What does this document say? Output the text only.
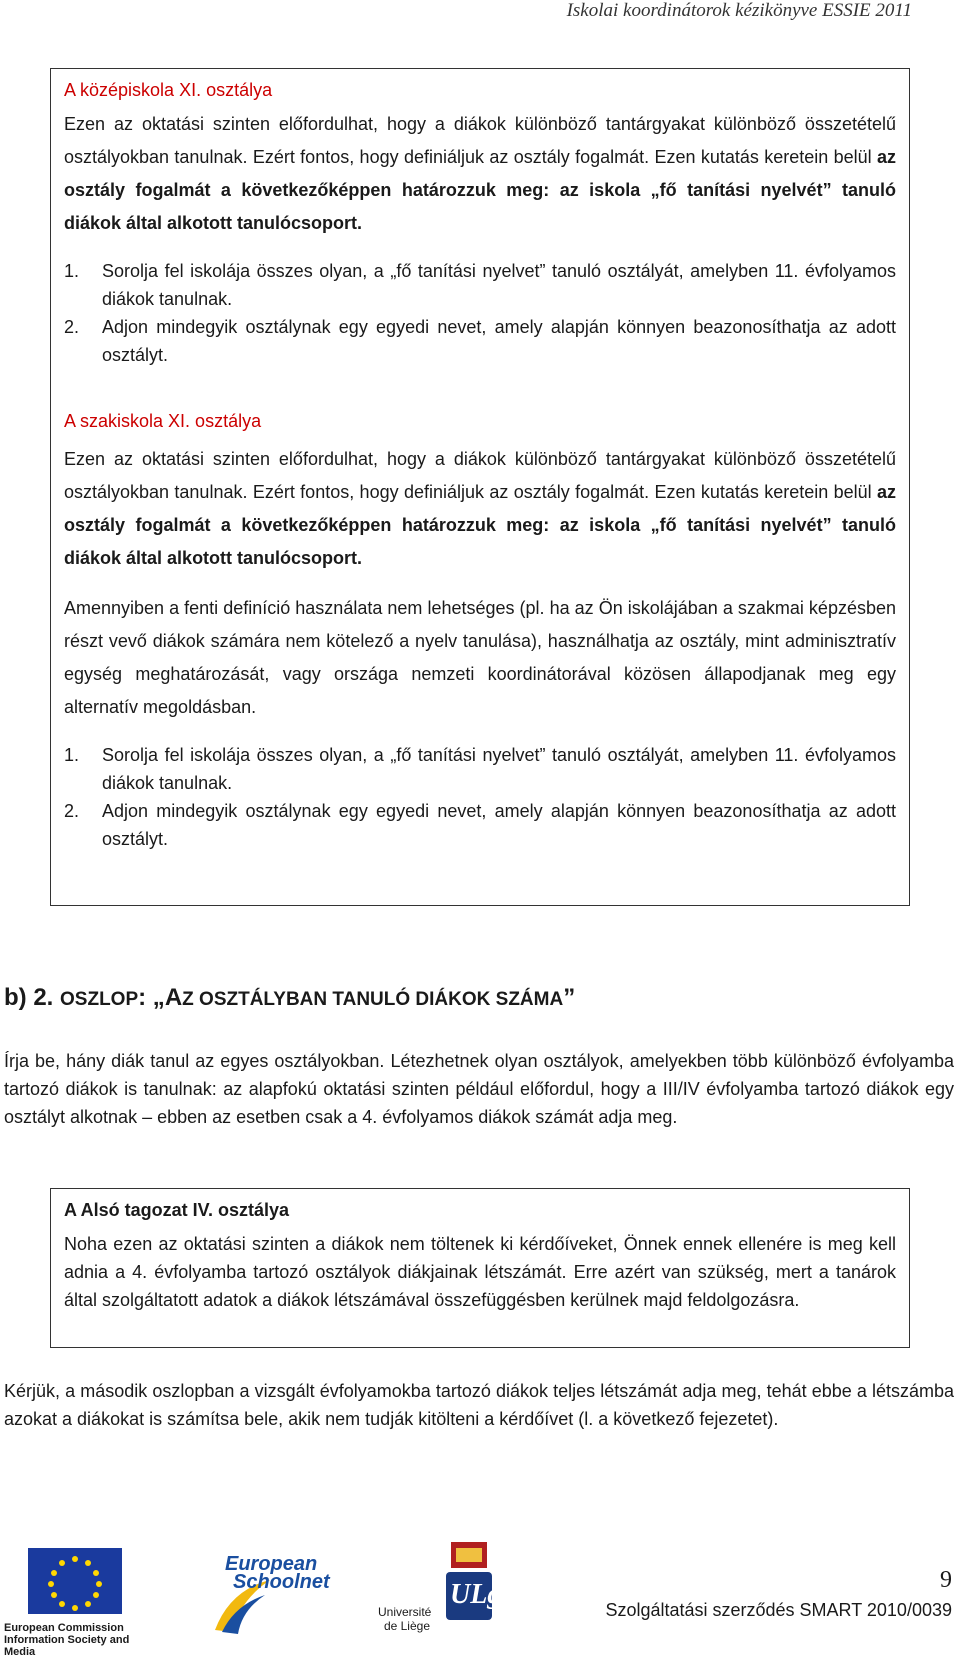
Iskolai koordinátorok kézikönyve ESSIE 2011
A középiskola XI. osztálya

Ezen az oktatási szinten előfordulhat, hogy a diákok különböző tantárgyakat különböző összetételű osztályokban tanulnak. Ezért fontos, hogy definiáljuk az osztály fogalmát. Ezen kutatás keretein belül az osztály fogalmát a következőképpen határozzuk meg: az iskola „fő tanítási nyelvét” tanuló diákok által alkotott tanulócsoport.

1. Sorolja fel iskolája összes olyan, a „fő tanítási nyelvet” tanuló osztályát, amelyben 11. évfolyamos diákok tanulnak.
2. Adjon mindegyik osztálynak egy egyedi nevet, amely alapján könnyen beazonosíthatja az adott osztályt.
A szakiskola XI. osztálya

Ezen az oktatási szinten előfordulhat, hogy a diákok különböző tantárgyakat különböző összetételű osztályokban tanulnak. Ezért fontos, hogy definiáljuk az osztály fogalmát. Ezen kutatás keretein belül az osztály fogalmát a következőképpen határozzuk meg: az iskola „fő tanítási nyelvét” tanuló diákok által alkotott tanulócsoport.

Amennyiben a fenti definíció használata nem lehetséges (pl. ha az Ön iskolájában a szakmai képzésben részt vevő diákok számára nem kötelező a nyelv tanulása), használhatja az osztály, mint adminisztratív egység meghatározását, vagy országa nemzeti koordinátorával közösen állapodjanak meg egy alternatív megoldásban.

1. Sorolja fel iskolája összes olyan, a „fő tanítási nyelvet” tanuló osztályát, amelyben 11. évfolyamos diákok tanulnak.
2. Adjon mindegyik osztálynak egy egyedi nevet, amely alapján könnyen beazonosíthatja az adott osztályt.
b) 2. OSZLOP: „AZ OSZTÁLYBAN TANULÓ DIÁKOK SZÁMA”
Írja be, hány diák tanul az egyes osztályokban. Létezhetnek olyan osztályok, amelyekben több különböző évfolyamba tartozó diákok is tanulnak: az alapfokú oktatási szinten például előfordul, hogy a III/IV évfolyamba tartozó diákok egy osztályt alkotnak – ebben az esetben csak a 4. évfolyamos diákok számát adja meg.
A Alsó tagozat IV. osztálya

Noha ezen az oktatási szinten a diákok nem töltenek ki kérdőíveket, Önnek ennek ellenére is meg kell adnia a 4. évfolyamba tartozó osztályok diákjainak létszámát. Erre azért van szükség, mert a tanárok által szolgáltatott adatok a diákok létszámával összefüggésben kerülnek majd feldolgozásra.

Kérjük, a második oszlopban a vizsgált évfolyamokba tartozó diákok teljes létszámát adja meg, tehát ebbe a létszámba azokat a diákokat is számítsa bele, akik nem tudják kitölteni a kérdőívet (l. a következő fejezetet).
European Commission
Information Society and Media
European
Schoolnet
Université
de Liège
ULg	9
Szolgáltatási szerződés SMART 2010/0039
